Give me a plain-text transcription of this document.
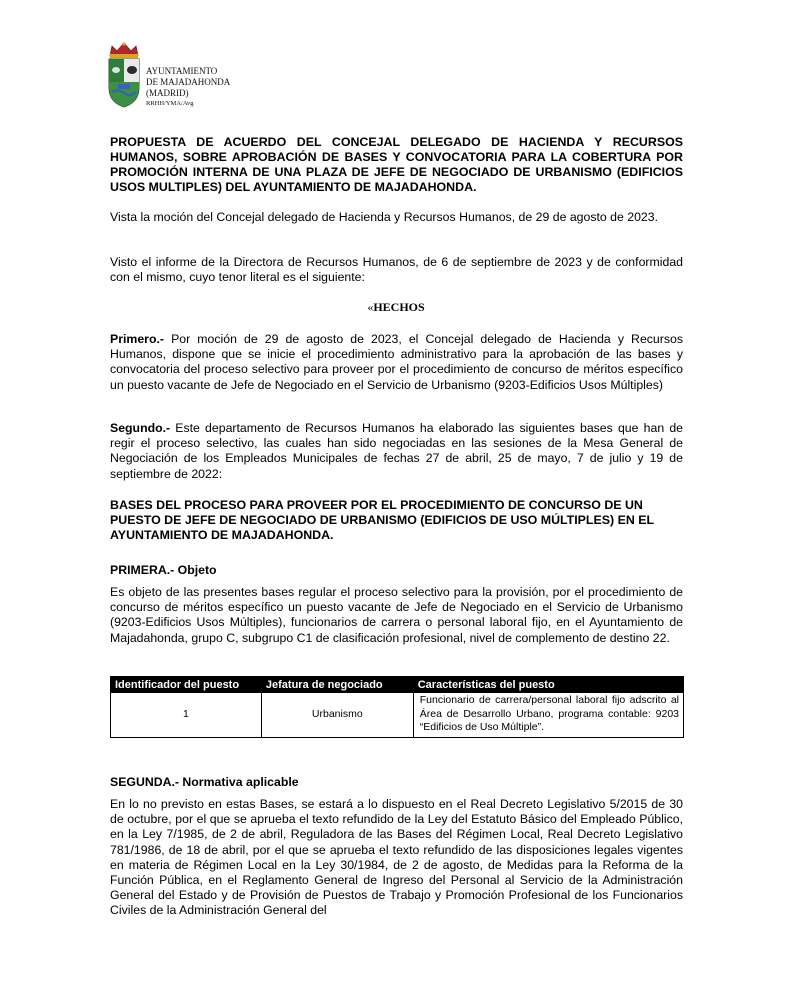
AYUNTAMIENTO
DE MAJADAHONDA
(MADRID)
RRHH/YMA/Avg
PROPUESTA DE ACUERDO DEL CONCEJAL DELEGADO DE HACIENDA Y RECURSOS HUMANOS, SOBRE APROBACIÓN DE BASES Y CONVOCATORIA PARA LA COBERTURA POR PROMOCIÓN INTERNA DE UNA PLAZA DE JEFE DE NEGOCIADO DE URBANISMO (EDIFICIOS USOS MULTIPLES) DEL AYUNTAMIENTO DE MAJADAHONDA.

Vista la moción del Concejal delegado de Hacienda y Recursos Humanos, de 29 de agosto de 2023.

Visto el informe de la Directora de Recursos Humanos, de 6 de septiembre de 2023 y de conformidad con el mismo, cuyo tenor literal es el siguiente:

«HECHOS

Primero.- Por moción de 29 de agosto de 2023, el Concejal delegado de Hacienda y Recursos Humanos, dispone que se inicie el procedimiento administrativo para la aprobación de las bases y convocatoria del proceso selectivo para proveer por el procedimiento de concurso de méritos específico un puesto vacante de Jefe de Negociado en el Servicio de Urbanismo (9203-Edificios Usos Múltiples)

Segundo.- Este departamento de Recursos Humanos ha elaborado las siguientes bases que han de regir el proceso selectivo, las cuales han sido negociadas en las sesiones de la Mesa General de Negociación de los Empleados Municipales de fechas 27 de abril, 25 de mayo, 7 de julio y 19 de septiembre de 2022:

BASES DEL PROCESO PARA PROVEER POR EL PROCEDIMIENTO DE CONCURSO DE UN PUESTO DE JEFE DE NEGOCIADO DE URBANISMO (EDIFICIOS DE USO MÚLTIPLES) EN EL AYUNTAMIENTO DE MAJADAHONDA.
PRIMERA.- Objeto

Es objeto de las presentes bases regular el proceso selectivo para la provisión, por el procedimiento de concurso de méritos específico un puesto vacante de Jefe de Negociado en el Servicio de Urbanismo (9203-Edificios Usos Múltiples), funcionarios de carrera o personal laboral fijo, en el Ayuntamiento de Majadahonda, grupo C, subgrupo C1 de clasificación profesional, nivel de complemento de destino 22.

Identificador del puesto	Jefatura de negociado	Características del puesto
1	Urbanismo	Funcionario de carrera/personal laboral fijo adscrito al Área de Desarrollo Urbano, programa contable: 9203 “Edificios de Uso Múltiple”.
SEGUNDA.- Normativa aplicable

En lo no previsto en estas Bases, se estará a lo dispuesto en el Real Decreto Legislativo 5/2015 de 30 de octubre, por el que se aprueba el texto refundido de la Ley del Estatuto Básico del Empleado Público, en la Ley 7/1985, de 2 de abril, Reguladora de las Bases del Régimen Local, Real Decreto Legislativo 781/1986, de 18 de abril, por el que se aprueba el texto refundido de las disposiciones legales vigentes en materia de Régimen Local en la Ley 30/1984, de 2 de agosto, de Medidas para la Reforma de la Función Pública, en el Reglamento General de Ingreso del Personal al Servicio de la Administración General del Estado y de Provisión de Puestos de Trabajo y Promoción Profesional de los Funcionarios Civiles de la Administración General del
